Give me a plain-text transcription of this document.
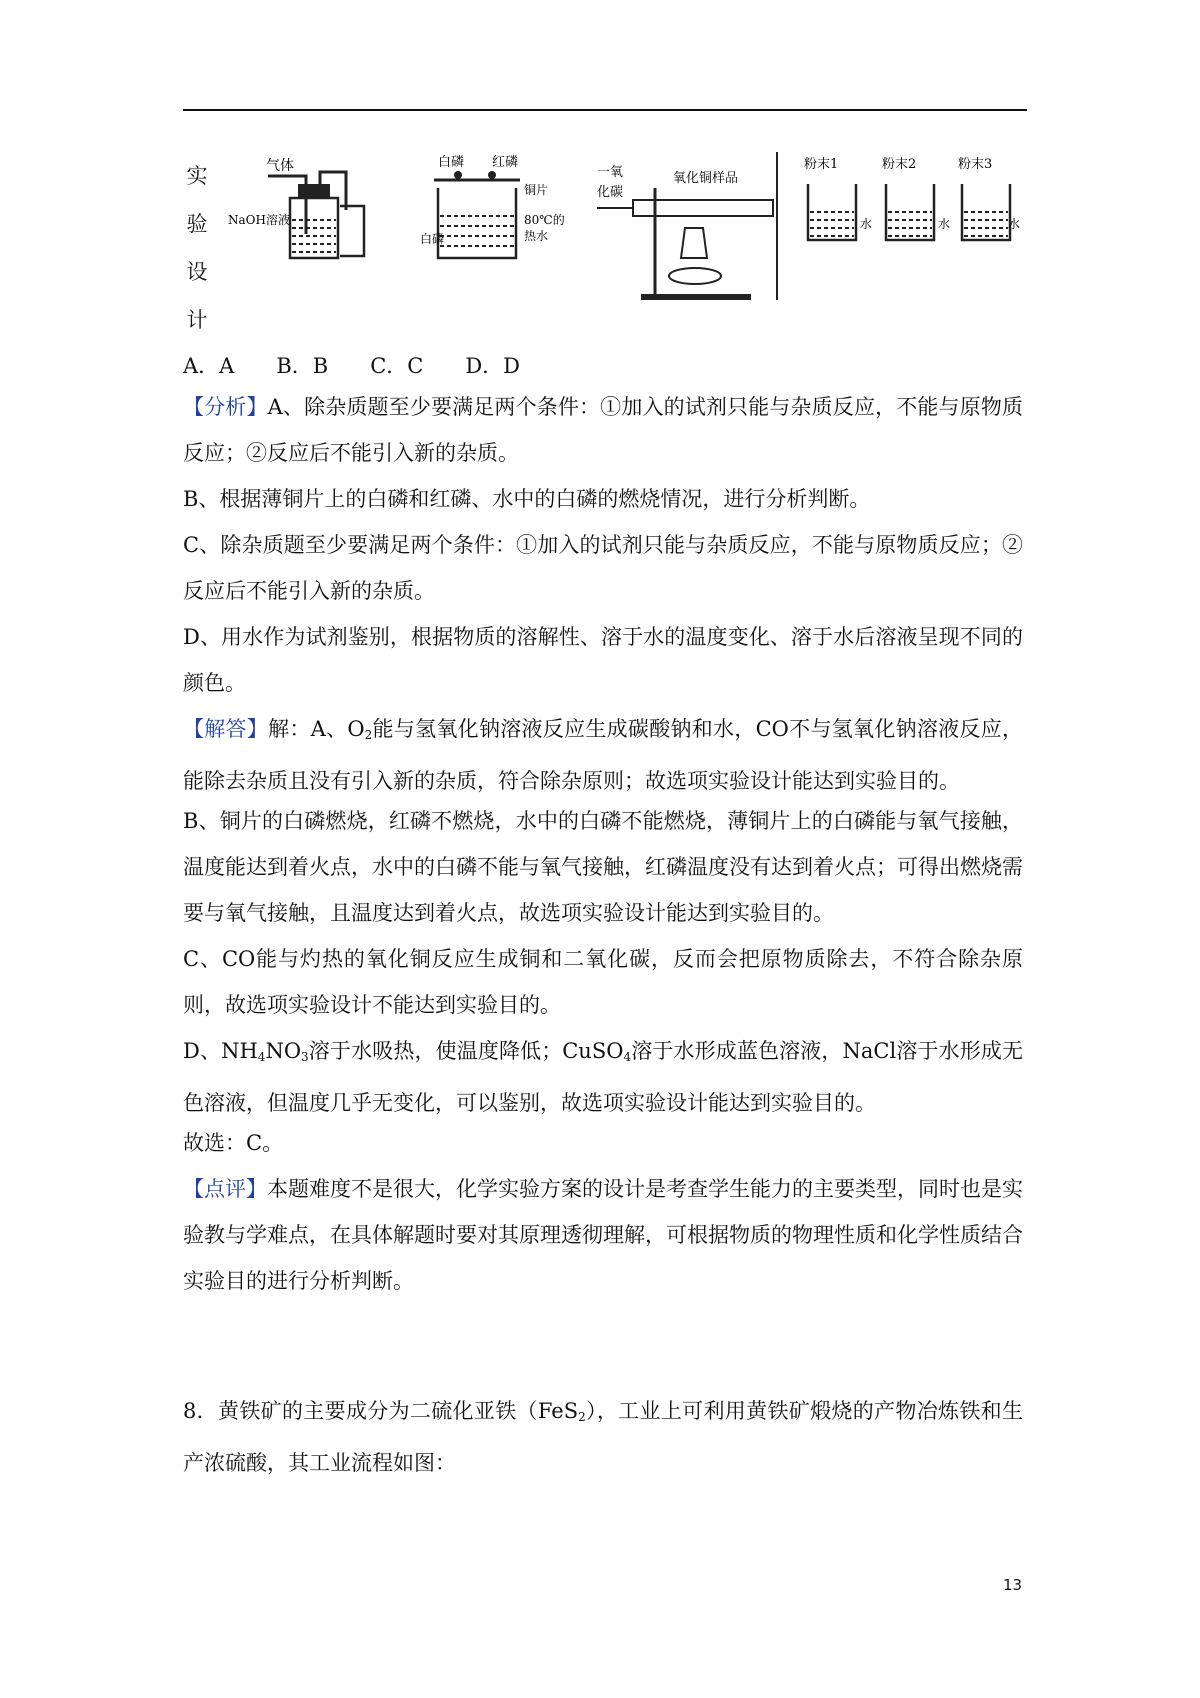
实
验
设
计
气体
NaOH溶液
白磷 红磷
铜片
白磷
80℃的
热水
一氧
化碳
氧化铜样品
粉末1	粉末2	粉末3
水	水	水
A．A　　B．B　　C．C　　D．D
【分析】A、除杂质题至少要满足两个条件：①加入的试剂只能与杂质反应，不能与原物质反应；②反应后不能引入新的杂质。
B、根据薄铜片上的白磷和红磷、水中的白磷的燃烧情况，进行分析判断。
C、除杂质题至少要满足两个条件：①加入的试剂只能与杂质反应，不能与原物质反应；②反应后不能引入新的杂质。
D、用水作为试剂鉴别，根据物质的溶解性、溶于水的温度变化、溶于水后溶液呈现不同的颜色。
【解答】解：A、$O_2$能与氢氧化钠溶液反应生成碳酸钠和水，CO不与氢氧化钠溶液反应，能除去杂质且没有引入新的杂质，符合除杂原则；故选项实验设计能达到实验目的。
B、铜片的白磷燃烧，红磷不燃烧，水中的白磷不能燃烧，薄铜片上的白磷能与氧气接触，温度能达到着火点，水中的白磷不能与氧气接触，红磷温度没有达到着火点；可得出燃烧需要与氧气接触，且温度达到着火点，故选项实验设计能达到实验目的。
C、CO能与灼热的氧化铜反应生成铜和二氧化碳，反而会把原物质除去，不符合除杂原则，故选项实验设计不能达到实验目的。
D、$NH_4NO_3$溶于水吸热，使温度降低；CuSO$_4$溶于水形成蓝色溶液，NaCl溶于水形成无色溶液，但温度几乎无变化，可以鉴别，故选项实验设计能达到实验目的。
故选：C。
【点评】本题难度不是很大，化学实验方案的设计是考查学生能力的主要类型，同时也是实验教与学难点，在具体解题时要对其原理透彻理解，可根据物质的物理性质和化学性质结合实验目的进行分析判断。
8．黄铁矿的主要成分为二硫化亚铁（FeS$_2$），工业上可利用黄铁矿煅烧的产物冶炼铁和生产浓硫酸，其工业流程如图：
13
